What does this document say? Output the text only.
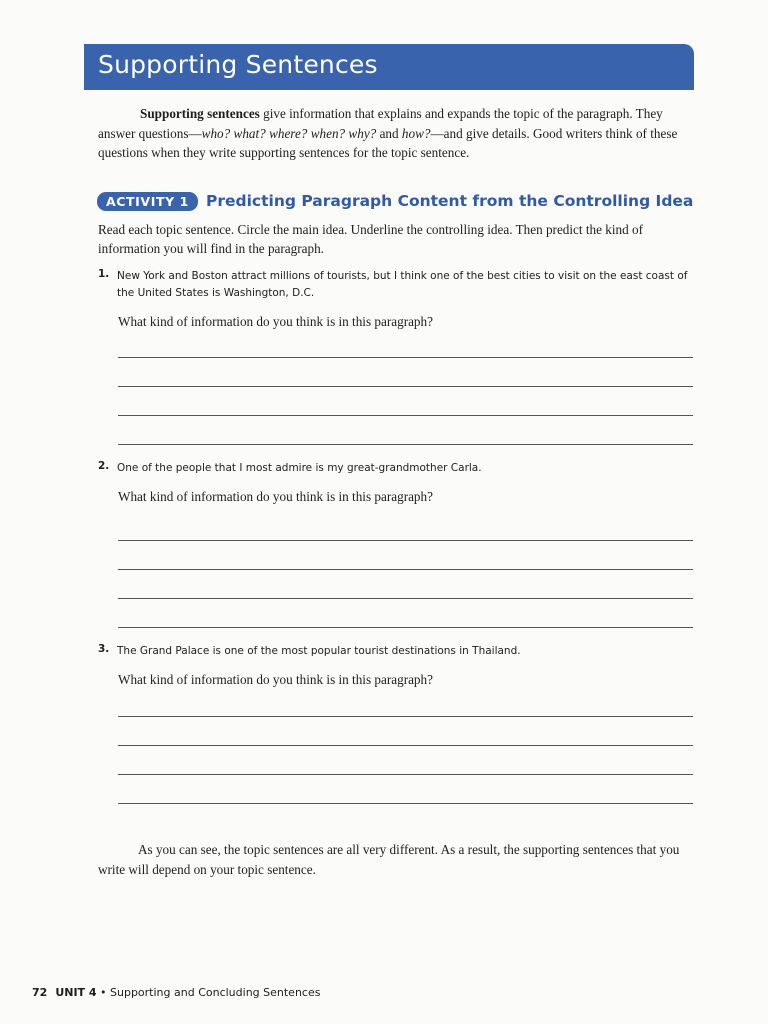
Supporting Sentences

Supporting sentences give information that explains and expands the topic of the paragraph. They answer questions—who? what? where? when? why? and how?—and give details. Good writers think of these questions when they write supporting sentences for the topic sentence.

ACTIVITY 1	Predicting Paragraph Content from the Controlling Idea

Read each topic sentence. Circle the main idea. Underline the controlling idea. Then predict the kind of information you will find in the paragraph.

1. New York and Boston attract millions of tourists, but I think one of the best cities to visit on the east coast of the United States is Washington, D.C.

What kind of information do you think is in this paragraph?

2. One of the people that I most admire is my great-grandmother Carla.

What kind of information do you think is in this paragraph?

3. The Grand Palace is one of the most popular tourist destinations in Thailand.

What kind of information do you think is in this paragraph?

As you can see, the topic sentences are all very different. As a result, the supporting sentences that you write will depend on your topic sentence.

72 UNIT 4 • Supporting and Concluding Sentences
